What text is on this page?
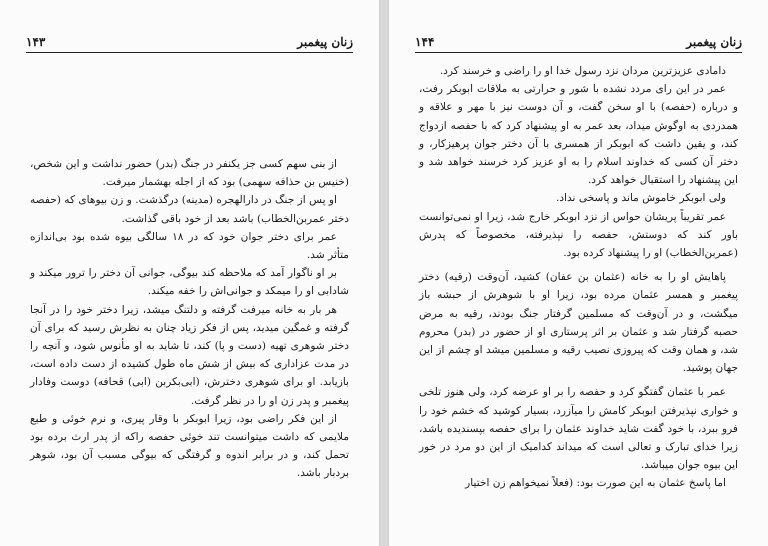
زنان پیغمبر
۱۴۳

از بنی سهم کسی جز یکنفر در جنگ (بدر) حضور نداشت و این شخص، (خنیس بن حذافه سهمی) بود که از اجله بهشمار میرفت.

او پس از جنگ در دارالهجره (مدینه) درگذشت. و زن بیوهای که (حفصه دختر عمربن‌الخطاب) باشد بعد از خود باقی گذاشت.

عمر برای دختر جوان خود که در ۱۸ سالگی بیوه شده بود بی‌اندازه متأثر شد.

بر او ناگوار آمد که ملاحظه کند بیوگی، جوانی آن دختر را ترور میکند و شادابی او را میمکد و جوانی‌اش را خفه میکند.

هر بار به خانه میرفت گرفته و دلتنگ میشد، زیرا دختر خود را در آنجا گرفته و غمگین میدید، پس از فکر زیاد چنان به نظرش رسید که برای آن دختر شوهری تهیه (دست و پا) کند، تا شاید به او مأنوس شود، و آنچه را در مدت عزاداری که بیش از شش ماه طول کشیده از دست داده است، بازیابد. او برای شوهری دخترش، (ابی‌بکربن (ابی) قحافه) دوست وفادار پیغمبر و پدر زن او را در نظر گرفت.

از این فکر راضی بود، زیرا ابوبکر با وقار پیری، و نرم خوئی و طبع ملایمی که داشت میتوانست تند خوئی حفصه راکه از پدر ارث برده بود تحمل کند، و در برابر اندوه و گرفتگی که بیوگی مسبب آن بود، شوهر بردبار باشد.

زنان پیغمبر
۱۴۴

دامادی عزیزترین مردان نزد رسول خدا او را راضی و خرسند کرد.

عمر در این رای مردد نشده با شور و حرارتی به ملاقات ابوبکر رفت، و درباره (حفصه) با او سخن گفت، و آن دوست نیز با مهر و علاقه و همدردی به اوگوش میداد، بعد عمر به او پیشنهاد کرد که با حفصه ازدواج کند، و یقین داشت که ابوبکر از همسری با آن دختر جوان پرهیزکار، و دختر آن کسی که خداوند اسلام را به او عزیز کرد خرسند خواهد شد و این پیشنهاد را استقبال خواهد کرد.

ولی ابوبکر خاموش ماند و پاسخی نداد.

عمر تقریباً پریشان حواس از نزد ابوبکر خارج شد، زیرا او نمی‌توانست باور کند که دوستش، حفصه را نپذیرفته، مخصوصاً که پدرش (عمربن‌الخطاب) او را پیشنهاد کرده بود.

پاهایش او را به خانه (عثمان بن عفان) کشید، آن‌وقت (رقیه) دختر پیغمبر و همسر عثمان مرده بود، زیرا او با شوهرش از حبشه باز میگشت، و در آن‌وقت که مسلمین گرفتار جنگ بودند، رقیه به مرض حصبه گرفتار شد و عثمان بر اثر پرستاری او از حضور در (بدر) محروم شد، و همان وقت که پیروزی نصیب رقیه و مسلمین میشد او چشم از این جهان پوشید.

عمر با عثمان گفتگو کرد و حفصه را بر او عرضه کرد، ولی هنوز تلخی و خواری نپذیرفتن ابوبکر کامش را میآزرد، بسیار کوشید که خشم خود را فرو ببرد، با خود گفت شاید خداوند عثمان را برای حفصه بپسندیده باشد، زیرا خدای تبارک و تعالی است که میداند کدامیک از این دو مرد در خور این بیوه جوان میباشد.

اما پاسخ عثمان به این صورت بود: (فعلاً نمیخواهم زن اختیار
